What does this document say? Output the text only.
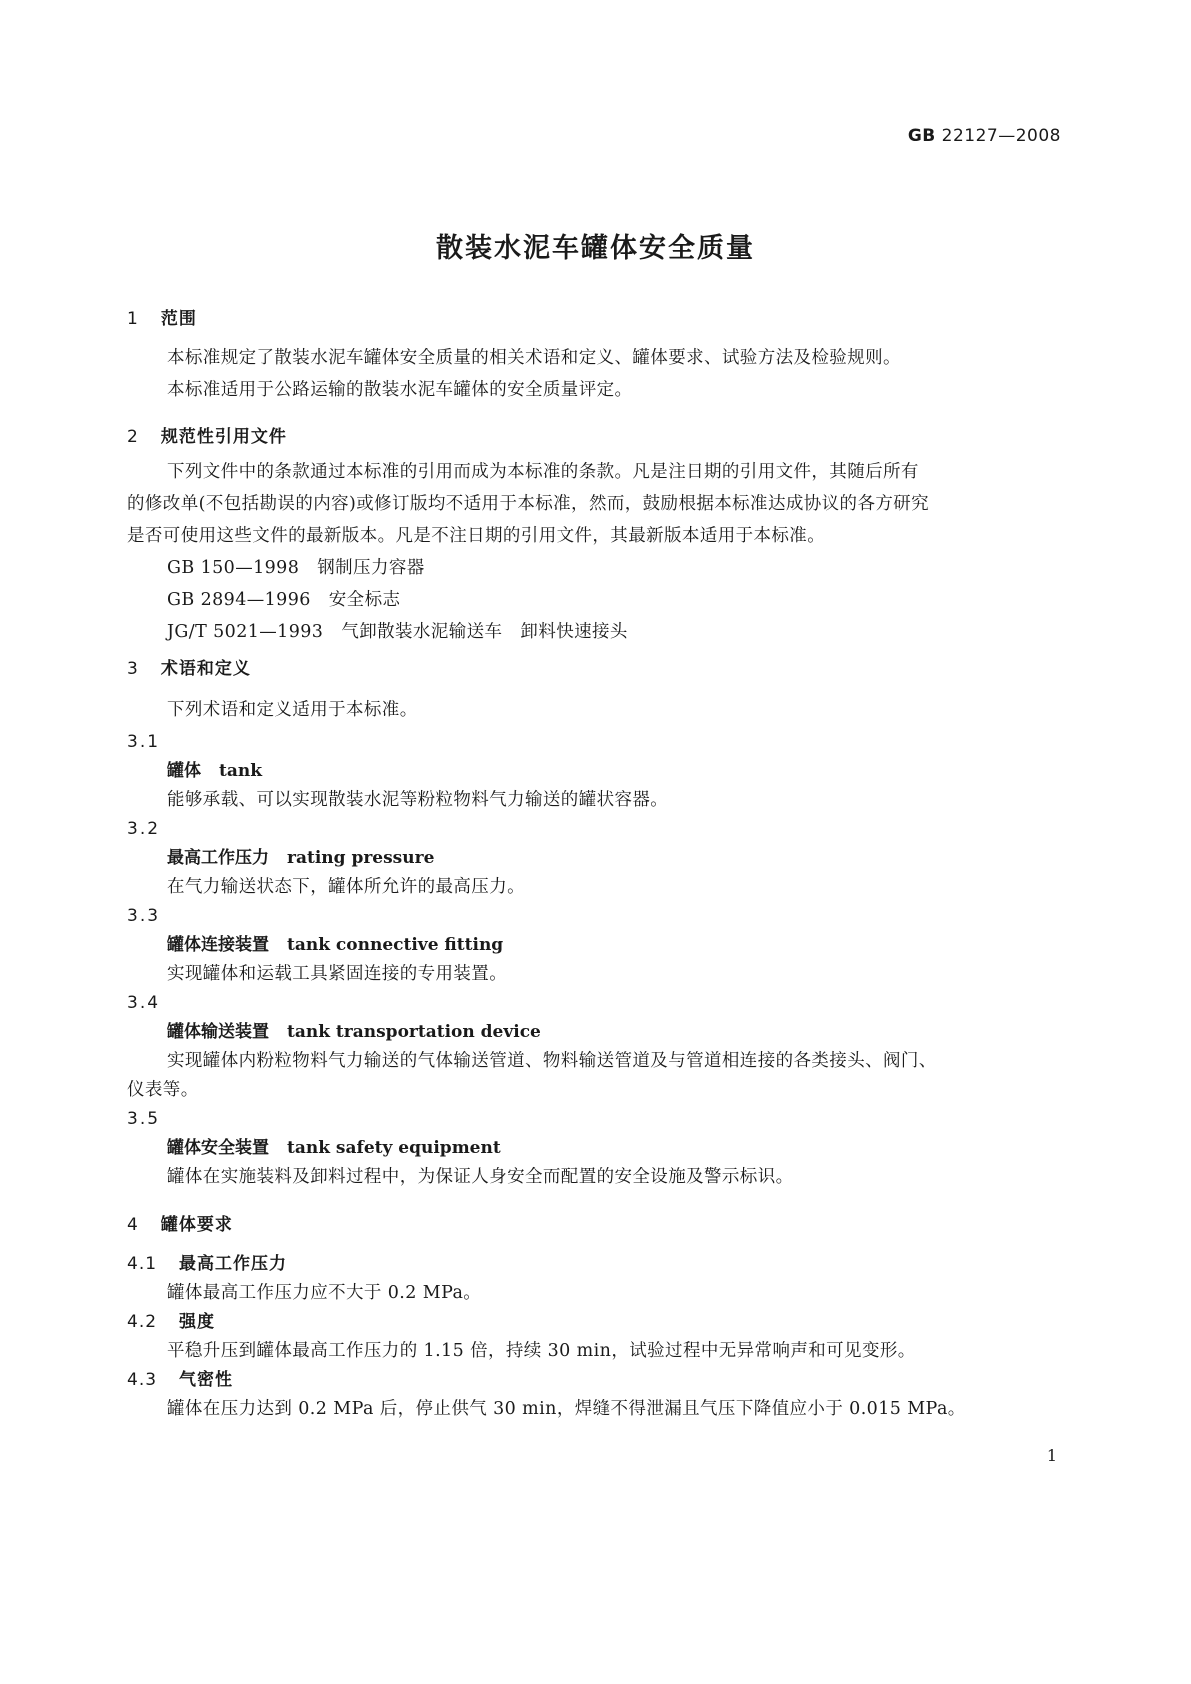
GB 22127—2008
散装水泥车罐体安全质量
1 范围
本标准规定了散装水泥车罐体安全质量的相关术语和定义、罐体要求、试验方法及检验规则。
本标准适用于公路运输的散装水泥车罐体的安全质量评定。
2 规范性引用文件
下列文件中的条款通过本标准的引用而成为本标准的条款。凡是注日期的引用文件，其随后所有
的修改单(不包括勘误的内容)或修订版均不适用于本标准，然而，鼓励根据本标准达成协议的各方研究
是否可使用这些文件的最新版本。凡是不注日期的引用文件，其最新版本适用于本标准。
GB 150—1998 钢制压力容器
GB 2894—1996 安全标志
JG/T 5021—1993 气卸散装水泥输送车 卸料快速接头
3 术语和定义
下列术语和定义适用于本标准。
3.1
罐体 tank
能够承载、可以实现散装水泥等粉粒物料气力输送的罐状容器。
3.2
最高工作压力 rating pressure
在气力输送状态下，罐体所允许的最高压力。
3.3
罐体连接装置 tank connective fitting
实现罐体和运载工具紧固连接的专用装置。
3.4
罐体输送装置 tank transportation device
实现罐体内粉粒物料气力输送的气体输送管道、物料输送管道及与管道相连接的各类接头、阀门、
仪表等。
3.5
罐体安全装置 tank safety equipment
罐体在实施装料及卸料过程中，为保证人身安全而配置的安全设施及警示标识。
4 罐体要求
4.1 最高工作压力
罐体最高工作压力应不大于 0.2 MPa。
4.2 强度
平稳升压到罐体最高工作压力的 1.15 倍，持续 30 min，试验过程中无异常响声和可见变形。
4.3 气密性
罐体在压力达到 0.2 MPa 后，停止供气 30 min，焊缝不得泄漏且气压下降值应小于 0.015 MPa。
1
